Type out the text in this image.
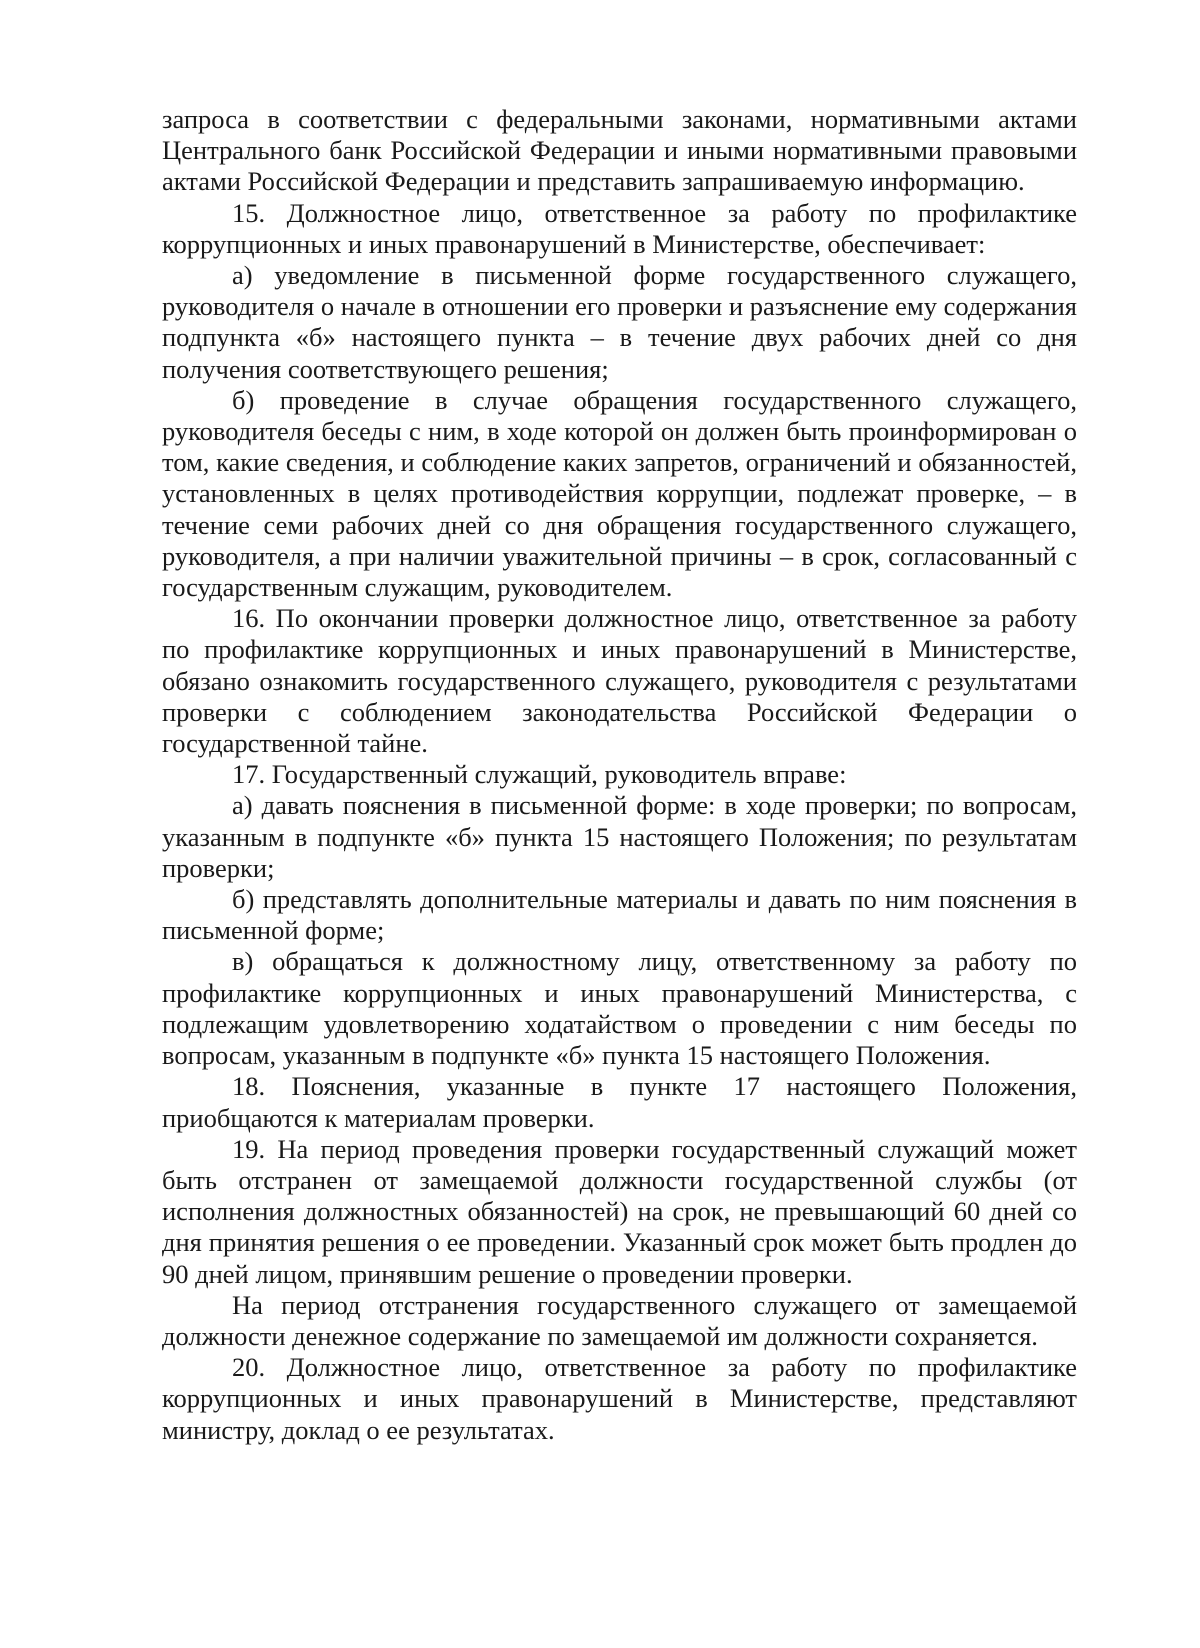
запроса в соответствии с федеральными законами, нормативными актами Центрального банк Российской Федерации и иными нормативными правовыми актами Российской Федерации и представить запрашиваемую информацию.

15. Должностное лицо, ответственное за работу по профилактике коррупционных и иных правонарушений в Министерстве, обеспечивает:

а) уведомление в письменной форме государственного служащего, руководителя о начале в отношении его проверки и разъяснение ему содержания подпункта «б» настоящего пункта – в течение двух рабочих дней со дня получения соответствующего решения;

б) проведение в случае обращения государственного служащего, руководителя беседы с ним, в ходе которой он должен быть проинформирован о том, какие сведения, и соблюдение каких запретов, ограничений и обязанностей, установленных в целях противодействия коррупции, подлежат проверке, – в течение семи рабочих дней со дня обращения государственного служащего, руководителя, а при наличии уважительной причины – в срок, согласованный с государственным служащим, руководителем.

16. По окончании проверки должностное лицо, ответственное за работу по профилактике коррупционных и иных правонарушений в Министерстве, обязано ознакомить государственного служащего, руководителя с результатами проверки с соблюдением законодательства Российской Федерации о государственной тайне.

17. Государственный служащий, руководитель вправе:

а) давать пояснения в письменной форме: в ходе проверки; по вопросам, указанным в подпункте «б» пункта 15 настоящего Положения; по результатам проверки;

б) представлять дополнительные материалы и давать по ним пояснения в письменной форме;

в) обращаться к должностному лицу, ответственному за работу по профилактике коррупционных и иных правонарушений Министерства, с подлежащим удовлетворению ходатайством о проведении с ним беседы по вопросам, указанным в подпункте «б» пункта 15 настоящего Положения.

18. Пояснения, указанные в пункте 17 настоящего Положения, приобщаются к материалам проверки.

19. На период проведения проверки государственный служащий может быть отстранен от замещаемой должности государственной службы (от исполнения должностных обязанностей) на срок, не превышающий 60 дней со дня принятия решения о ее проведении. Указанный срок может быть продлен до 90 дней лицом, принявшим решение о проведении проверки.

На период отстранения государственного служащего от замещаемой должности денежное содержание по замещаемой им должности сохраняется.

20. Должностное лицо, ответственное за работу по профилактике коррупционных и иных правонарушений в Министерстве, представляют министру, доклад о ее результатах.
